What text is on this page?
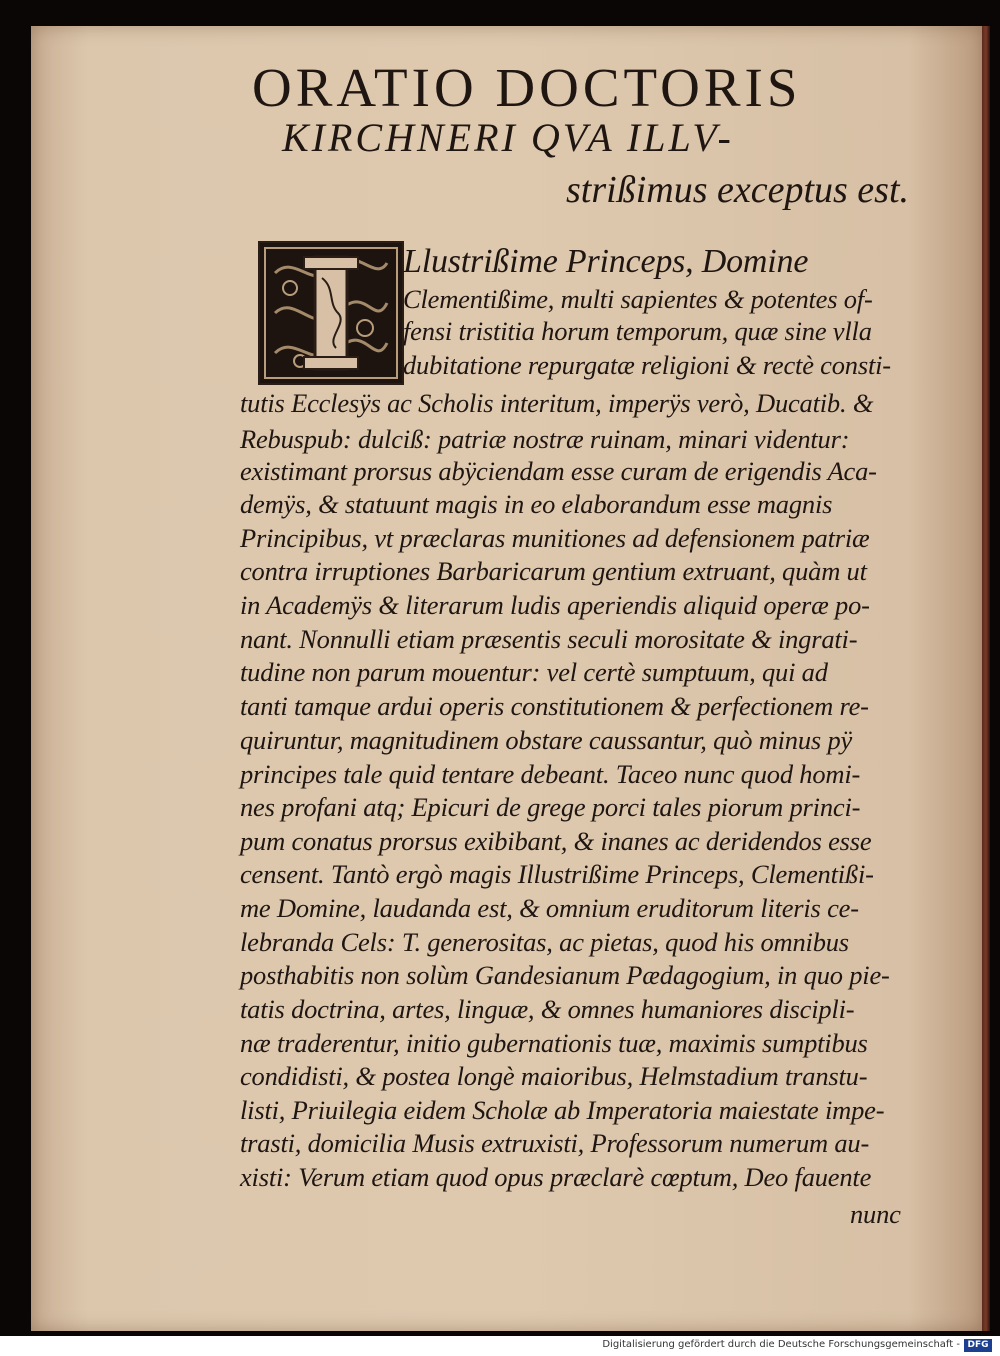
ORATIO DOCTORIS
KIRCHNERI QVA ILLV-
strißimus exceptus est.
Llustrißime Princeps, Domine
Clementißime, multi sapientes & potentes of-
fensi tristitia horum temporum, quæ sine vlla
dubitatione repurgatæ religioni & rectè consti-
tutis Ecclesÿs ac Scholis interitum, imperÿs verò, Ducatib. &
Rebuspub: dulciß: patriæ nostræ ruinam, minari videntur:
existimant prorsus abÿciendam esse curam de erigendis Aca-
demÿs, & statuunt magis in eo elaborandum esse magnis
Principibus, vt præclaras munitiones ad defensionem patriæ
contra irruptiones Barbaricarum gentium extruant, quàm ut
in Academÿs & literarum ludis aperiendis aliquid operæ po-
nant. Nonnulli etiam præsentis seculi morositate & ingrati-
tudine non parum mouentur: vel certè sumptuum, qui ad
tanti tamque ardui operis constitutionem & perfectionem re-
quiruntur, magnitudinem obstare caussantur, quò minus pÿ
principes tale quid tentare debeant. Taceo nunc quod homi-
nes profani atq; Epicuri de grege porci tales piorum princi-
pum conatus prorsus exibibant, & inanes ac deridendos esse
censent. Tantò ergò magis Illustrißime Princeps, Clementißi-
me Domine, laudanda est, & omnium eruditorum literis ce-
lebranda Cels: T. generositas, ac pietas, quod his omnibus
posthabitis non solùm Gandesianum Pædagogium, in quo pie-
tatis doctrina, artes, linguæ, & omnes humaniores discipli-
næ traderentur, initio gubernationis tuæ, maximis sumptibus
condidisti, & postea longè maioribus, Helmstadium transtu-
listi, Priuilegia eidem Scholæ ab Imperatoria maiestate impe-
trasti, domicilia Musis extruxisti, Professorum numerum au-
xisti: Verum etiam quod opus præclarè cœptum, Deo fauente
nunc
Digitalisierung gefördert durch die Deutsche Forschungsgemeinschaft - DFG
